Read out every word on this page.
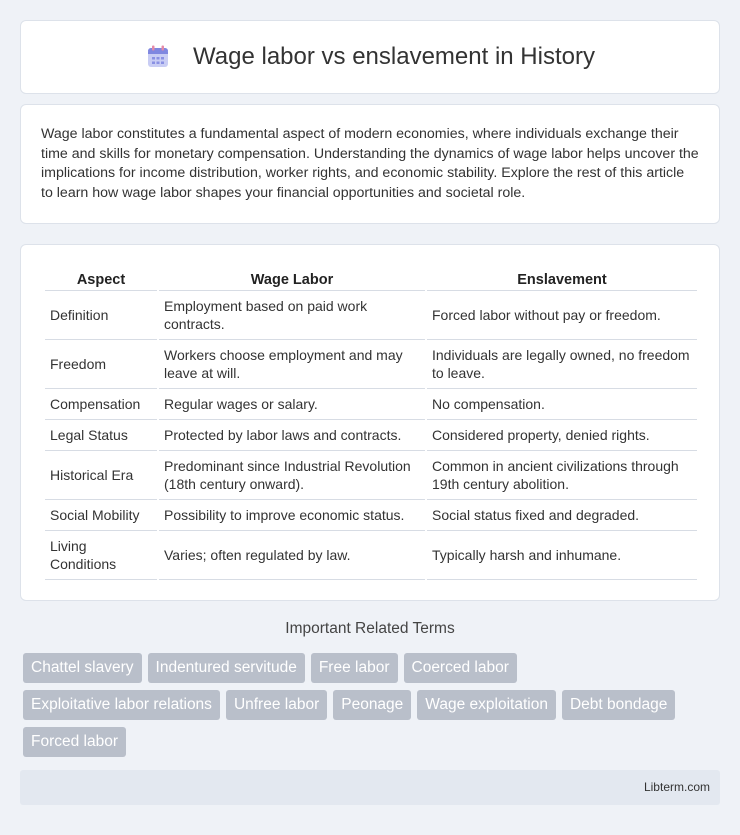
Wage labor vs enslavement in History

Wage labor constitutes a fundamental aspect of modern economies, where individuals exchange their time and skills for monetary compensation. Understanding the dynamics of wage labor helps uncover the implications for income distribution, worker rights, and economic stability. Explore the rest of this article to learn how wage labor shapes your financial opportunities and societal role.

Aspect	Wage Labor	Enslavement
Definition	Employment based on paid work contracts.	Forced labor without pay or freedom.
Freedom	Workers choose employment and may leave at will.	Individuals are legally owned, no freedom to leave.
Compensation	Regular wages or salary.	No compensation.
Legal Status	Protected by labor laws and contracts.	Considered property, denied rights.
Historical Era	Predominant since Industrial Revolution (18th century onward).	Common in ancient civilizations through 19th century abolition.
Social Mobility	Possibility to improve economic status.	Social status fixed and degraded.
Living Conditions	Varies; often regulated by law.	Typically harsh and inhumane.
Important Related Terms
Chattel slavery	Indentured servitude	Free labor	Coerced labor
Exploitative labor relations	Unfree labor	Peonage	Wage exploitation	Debt bondage
Forced labor
Libterm.com
